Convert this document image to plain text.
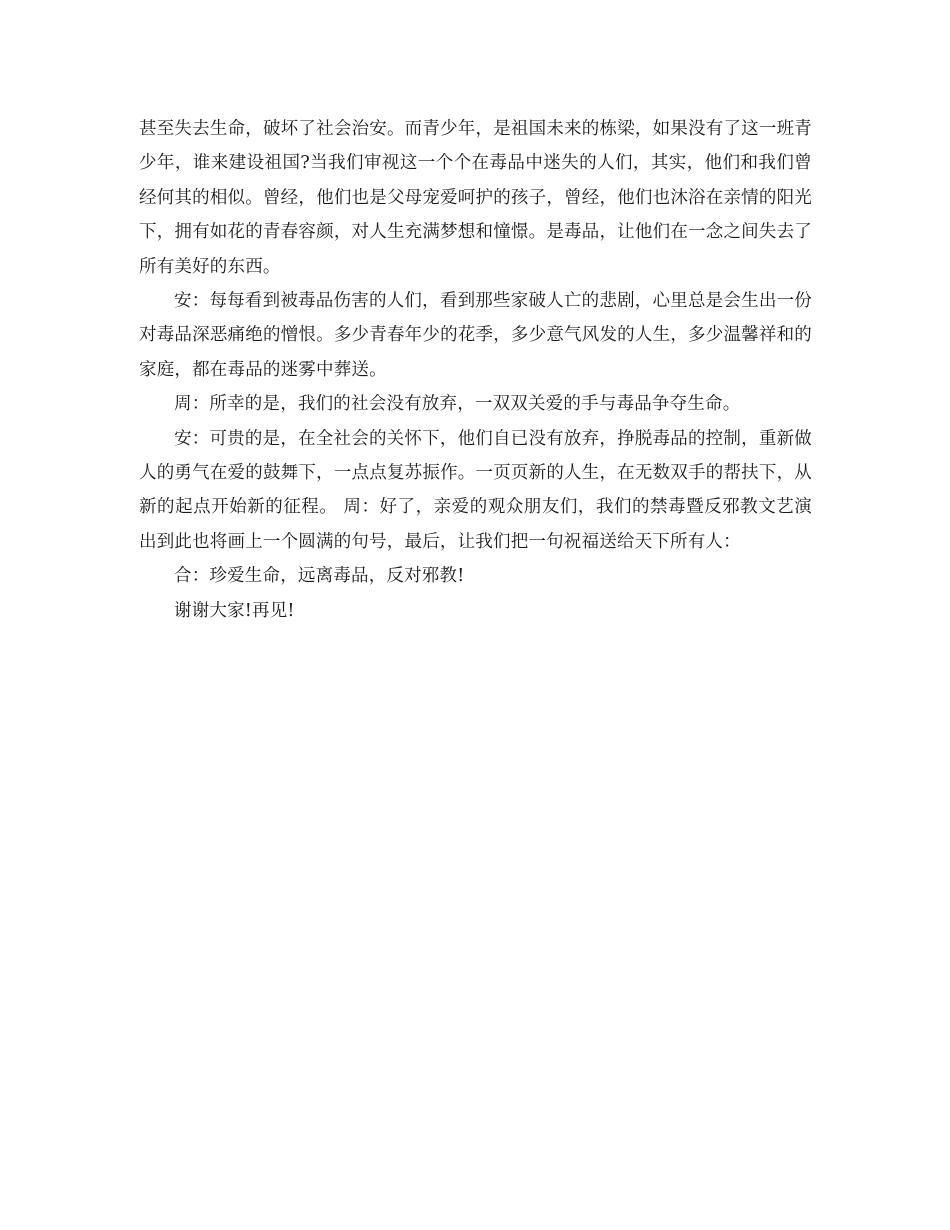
甚至失去生命，破坏了社会治安。而青少年，是祖国未来的栋梁，如果没有了这一班青少年，谁来建设祖国?当我们审视这一个个在毒品中迷失的人们，其实，他们和我们曾经何其的相似。曾经，他们也是父母宠爱呵护的孩子，曾经，他们也沐浴在亲情的阳光下，拥有如花的青春容颜，对人生充满梦想和憧憬。是毒品，让他们在一念之间失去了所有美好的东西。

安：每每看到被毒品伤害的人们，看到那些家破人亡的悲剧，心里总是会生出一份对毒品深恶痛绝的憎恨。多少青春年少的花季，多少意气风发的人生，多少温馨祥和的家庭，都在毒品的迷雾中葬送。

周：所幸的是，我们的社会没有放弃，一双双关爱的手与毒品争夺生命。

安：可贵的是，在全社会的关怀下，他们自已没有放弃，挣脱毒品的控制，重新做人的勇气在爱的鼓舞下，一点点复苏振作。一页页新的人生，在无数双手的帮扶下，从新的起点开始新的征程。 周：好了，亲爱的观众朋友们，我们的禁毒暨反邪教文艺演出到此也将画上一个圆满的句号，最后，让我们把一句祝福送给天下所有人：

合：珍爱生命，远离毒品，反对邪教!

谢谢大家!再见!
